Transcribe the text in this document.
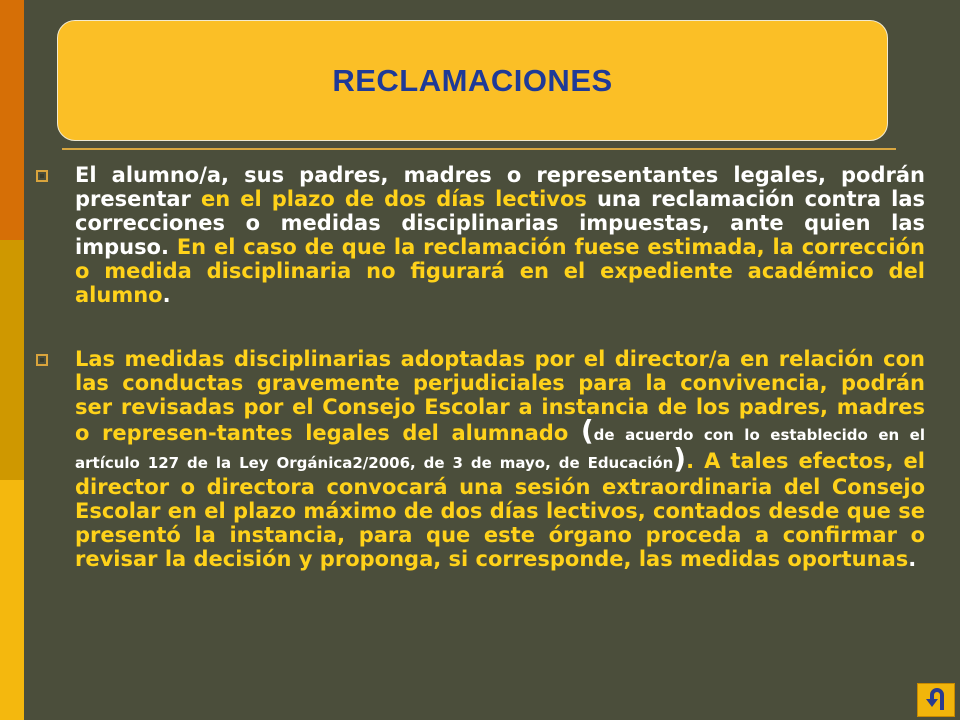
RECLAMACIONES

El alumno/a, sus padres, madres o representantes legales, podrán presentar en el plazo de dos días lectivos una reclamación contra las correcciones o medidas disciplinarias impuestas, ante quien las impuso. En el caso de que la reclamación fuese estimada, la corrección o medida disciplinaria no figurará en el expediente académico del alumno.

Las medidas disciplinarias adoptadas por el director/a en relación con las conductas gravemente perjudiciales para la convivencia, podrán ser revisadas por el Consejo Escolar a instancia de los padres, madres o represen-tantes legales del alumnado (de acuerdo con lo establecido en el artículo 127 de la Ley Orgánica2/2006, de 3 de mayo, de Educación). A tales efectos, el director o directora convocará una sesión extraordinaria del Consejo Escolar en el plazo máximo de dos días lectivos, contados desde que se presentó la instancia, para que este órgano proceda a confirmar o revisar la decisión y proponga, si corresponde, las medidas oportunas.
